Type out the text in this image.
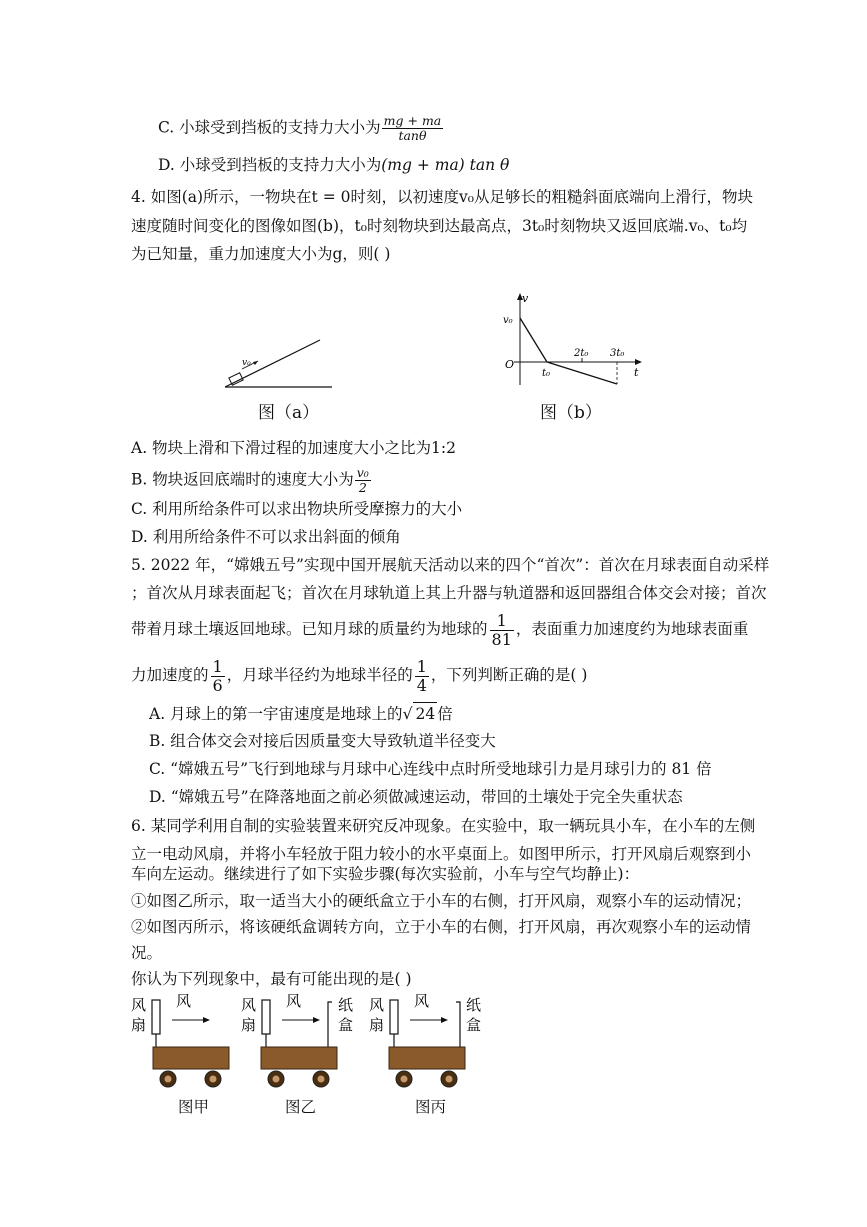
C. 小球受到挡板的支持力大小为 $\frac{mg + ma}{\tan\theta}$
D. 小球受到挡板的支持力大小为(mg + ma) tan θ
4. 如图(a)所示，一物块在t = 0时刻，以初速度v₀从足够长的粗糙斜面底端向上滑行，物块
速度随时间变化的图像如图(b)，t₀时刻物块到达最高点，3t₀时刻物块又返回底端.v₀、t₀均
为已知量，重力加速度大小为g，则( )
v₀
图（a）
v
t
O
v₀
t₀
2t₀ 3t₀
图（b）
A. 物块上滑和下滑过程的加速度大小之比为1:2
B. 物块返回底端时的速度大小为 $\frac{\text{v₀}}{2}$
C. 利用所给条件可以求出物块所受摩擦力的大小
D. 利用所给条件不可以求出斜面的倾角
5. 2022 年，“嫦娥五号”实现中国开展航天活动以来的四个“首次”：首次在月球表面自动采样
；首次从月球表面起飞；首次在月球轨道上其上升器与轨道器和返回器组合体交会对接；首次
带着月球土壤返回地球。已知月球的质量约为地球的 $\frac{1}{81}$ ，表面重力加速度约为地球表面重
力加速度的 $\frac{1}{6}$ ，月球半径约为地球半径的 $\frac{1}{4}$ ，下列判断正确的是( )
A. 月球上的第一宇宙速度是地球上的√ 24 倍
B. 组合体交会对接后因质量变大导致轨道半径变大
C. “嫦娥五号”飞行到地球与月球中心连线中点时所受地球引力是月球引力的 81 倍
D. “嫦娥五号”在降落地面之前必须做减速运动，带回的土壤处于完全失重状态
6. 某同学利用自制的实验装置来研究反冲现象。在实验中，取一辆玩具小车，在小车的左侧
立一电动风扇，并将小车轻放于阻力较小的水平桌面上。如图甲所示，打开风扇后观察到小
车向左运动。继续进行了如下实验步骤(每次实验前，小车与空气均静止)：
①如图乙所示，取一适当大小的硬纸盒立于小车的右侧，打开风扇，观察小车的运动情况；
②如图丙所示，将该硬纸盒调转方向，立于小车的右侧，打开风扇，再次观察小车的运动情
况。
你认为下列现象中，最有可能出现的是( )
风
扇
风
图甲
风
扇
风 纸
盒
图乙
风
扇
风 纸
盒
图丙
